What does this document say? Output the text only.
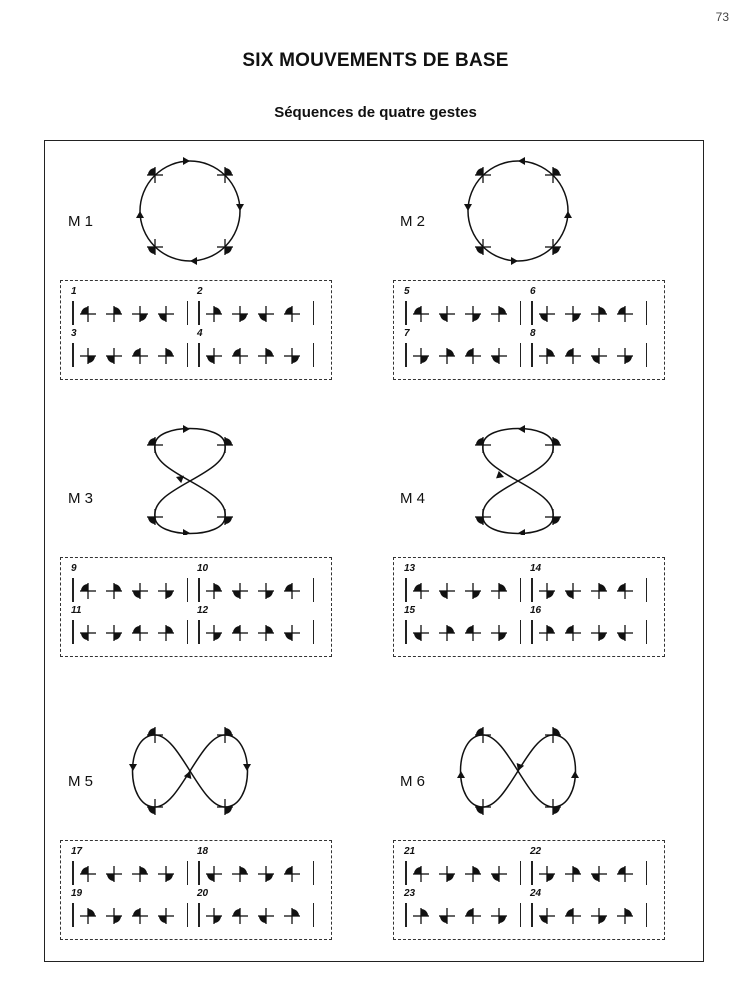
73
SIX MOUVEMENTS DE BASE
Séquences de quatre gestes
M 1
1	2
3	4
M 2
5	6
7	8
M 3
9	10
11	12
M 4
13	14
15	16
M 5
17	18
19	20
M 6
21	22
23	24
